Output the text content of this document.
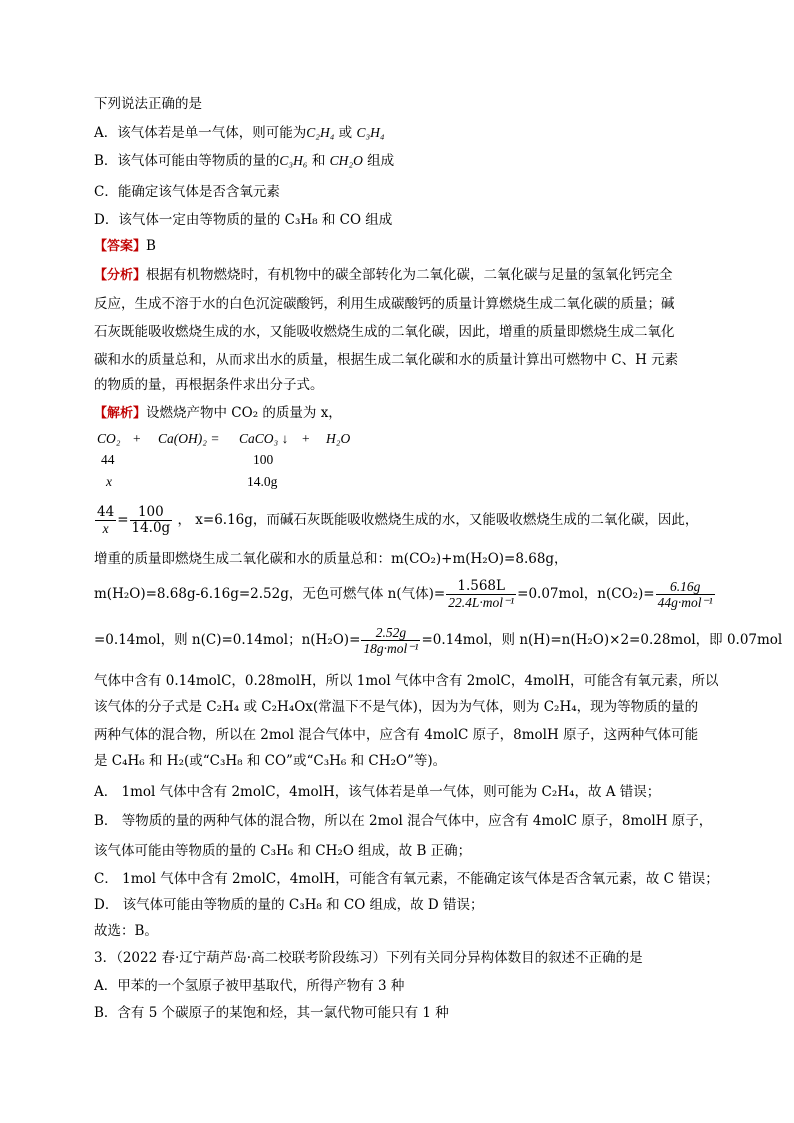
下列说法正确的是
A．该气体若是单一气体，则可能为C₂H₄ 或 C₃H₄
B．该气体可能由等物质的量的C₃H₆ 和 CH₂O 组成
C．能确定该气体是否含氧元素
D．该气体一定由等物质的量的 C₃H₈ 和 CO 组成
【答案】B
【分析】根据有机物燃烧时，有机物中的碳全部转化为二氧化碳，二氧化碳与足量的氢氧化钙完全
反应，生成不溶于水的白色沉淀碳酸钙，利用生成碳酸钙的质量计算燃烧生成二氧化碳的质量；碱
石灰既能吸收燃烧生成的水，又能吸收燃烧生成的二氧化碳，因此，增重的质量即燃烧生成二氧化
碳和水的质量总和，从而求出水的质量，根据生成二氧化碳和水的质量计算出可燃物中 C、H 元素
的物质的量，再根据条件求出分子式。
【解析】设燃烧产物中 CO₂ 的质量为 x，
CO₂ + Ca(OH)₂ = CaCO₃ ↓ + H₂O
44	100
x	14.0g
$\frac{44}{x} = \frac{100}{14.0g}$ ， x=6.16g，而碱石灰既能吸收燃烧生成的水，又能吸收燃烧生成的二氧化碳，因此，
增重的质量即燃烧生成二氧化碳和水的质量总和：m(CO₂)+m(H₂O)=8.68g，
m(H₂O)=8.68g-6.16g=2.52g，无色可燃气体 n(气体)= $\frac{1.568L}{\text{22.4L·mol⁻¹}} =0.07mol$，$n(CO_2)= \frac{6.16g}{\text{44g·mol⁻¹}}$
=0.14mol，则 n(C)=0.14mol；$n(H_2O)= \frac{2.52g}{\text{18g·mol⁻¹}} =0.14mol$，则 n(H)=n(H₂O)×2=0.28mol，即 0.07mol
气体中含有 0.14molC，0.28molH，所以 1mol 气体中含有 2molC，4molH，可能含有氧元素，所以
该气体的分子式是 C₂H₄ 或 C₂H₄Ox(常温下不是气体)，因为为气体，则为 C₂H₄，现为等物质的量的
两种气体的混合物，所以在 2mol 混合气体中，应含有 4molC 原子，8molH 原子，这两种气体可能
是 C₄H₆ 和 H₂(或“C₃H₈ 和 CO”或“C₃H₆ 和 CH₂O”等)。
A． 1mol 气体中含有 2molC，4molH，该气体若是单一气体，则可能为 C₂H₄，故 A 错误；
B． 等物质的量的两种气体的混合物，所以在 2mol 混合气体中，应含有 4molC 原子，8molH 原子，
该气体可能由等物质的量的 C₃H₆ 和 CH₂O 组成，故 B 正确；
C． 1mol 气体中含有 2molC，4molH，可能含有氧元素，不能确定该气体是否含氧元素，故 C 错误；
D． 该气体可能由等物质的量的 C₃H₈ 和 CO 组成，故 D 错误；
故选：B。
3．（2022 春·辽宁葫芦岛·高二校联考阶段练习）下列有关同分异构体数目的叙述不正确的是
A．甲苯的一个氢原子被甲基取代，所得产物有 3 种
B．含有 5 个碳原子的某饱和烃，其一氯代物可能只有 1 种
